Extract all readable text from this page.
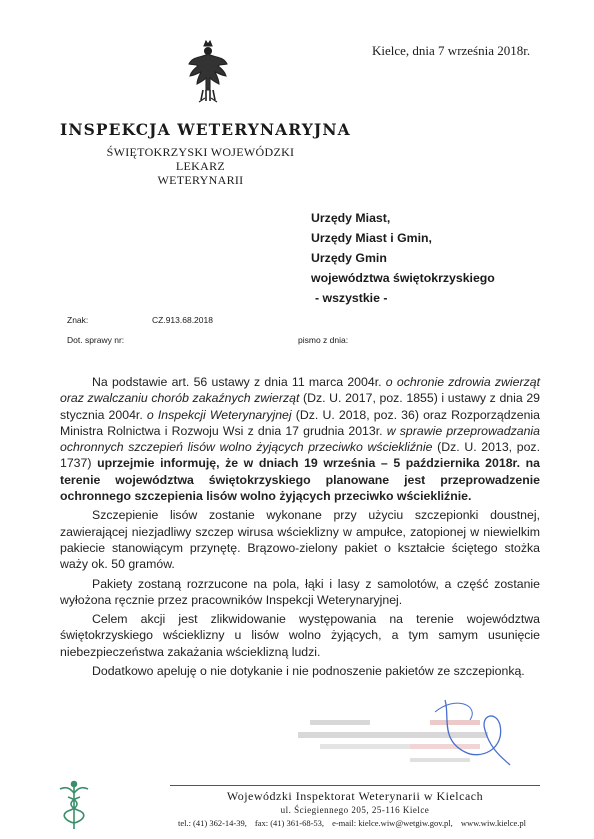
Kielce, dnia 7 września 2018r.
INSPEKCJA WETERYNARYJNA
ŚWIĘTOKRZYSKI WOJEWÓDZKI LEKARZ
WETERYNARII
Urzędy Miast,
Urzędy Miast i Gmin,
Urzędy Gmin
województwa świętokrzyskiego
- wszystkie -
Znak:	CZ.913.68.2018
Dot. sprawy nr:	pismo z dnia:

Na podstawie art. 56 ustawy z dnia 11 marca 2004r. o ochronie zdrowia zwierząt oraz zwalczaniu chorób zakaźnych zwierząt (Dz. U. 2017, poz. 1855) i ustawy z dnia 29 stycznia 2004r. o Inspekcji Weterynaryjnej (Dz. U. 2018, poz. 36) oraz Rozporządzenia Ministra Rolnictwa i Rozwoju Wsi z dnia 17 grudnia 2013r. w sprawie przeprowadzania ochronnych szczepień lisów wolno żyjących przeciwko wściekliźnie (Dz. U. 2013, poz. 1737) uprzejmie informuję, że w dniach 19 września – 5 października 2018r. na terenie województwa świętokrzyskiego planowane jest przeprowadzenie ochronnego szczepienia lisów wolno żyjących przeciwko wściekliźnie.

Szczepienie lisów zostanie wykonane przy użyciu szczepionki doustnej, zawierającej niezjadliwy szczep wirusa wścieklizny w ampułce, zatopionej w niewielkim pakiecie stanowiącym przynętę. Brązowo-zielony pakiet o kształcie ściętego stożka waży ok. 50 gramów.

Pakiety zostaną rozrzucone na pola, łąki i lasy z samolotów, a część zostanie wyłożona ręcznie przez pracowników Inspekcji Weterynaryjnej.

Celem akcji jest zlikwidowanie występowania na terenie województwa świętokrzyskiego wścieklizny u lisów wolno żyjących, a tym samym usunięcie niebezpieczeństwa zakażania wścieklizną ludzi.

Dodatkowo apeluję o nie dotykanie i nie podnoszenie pakietów ze szczepionką.

Wojewódzki Inspektorat Weterynarii w Kielcach
ul. Ściegiennego 205, 25-116 Kielce
tel.: (41) 362-14-39, fax: (41) 361-68-53, e-mail: kielce.wiw@wetgiw.gov.pl, www.wiw.kielce.pl
